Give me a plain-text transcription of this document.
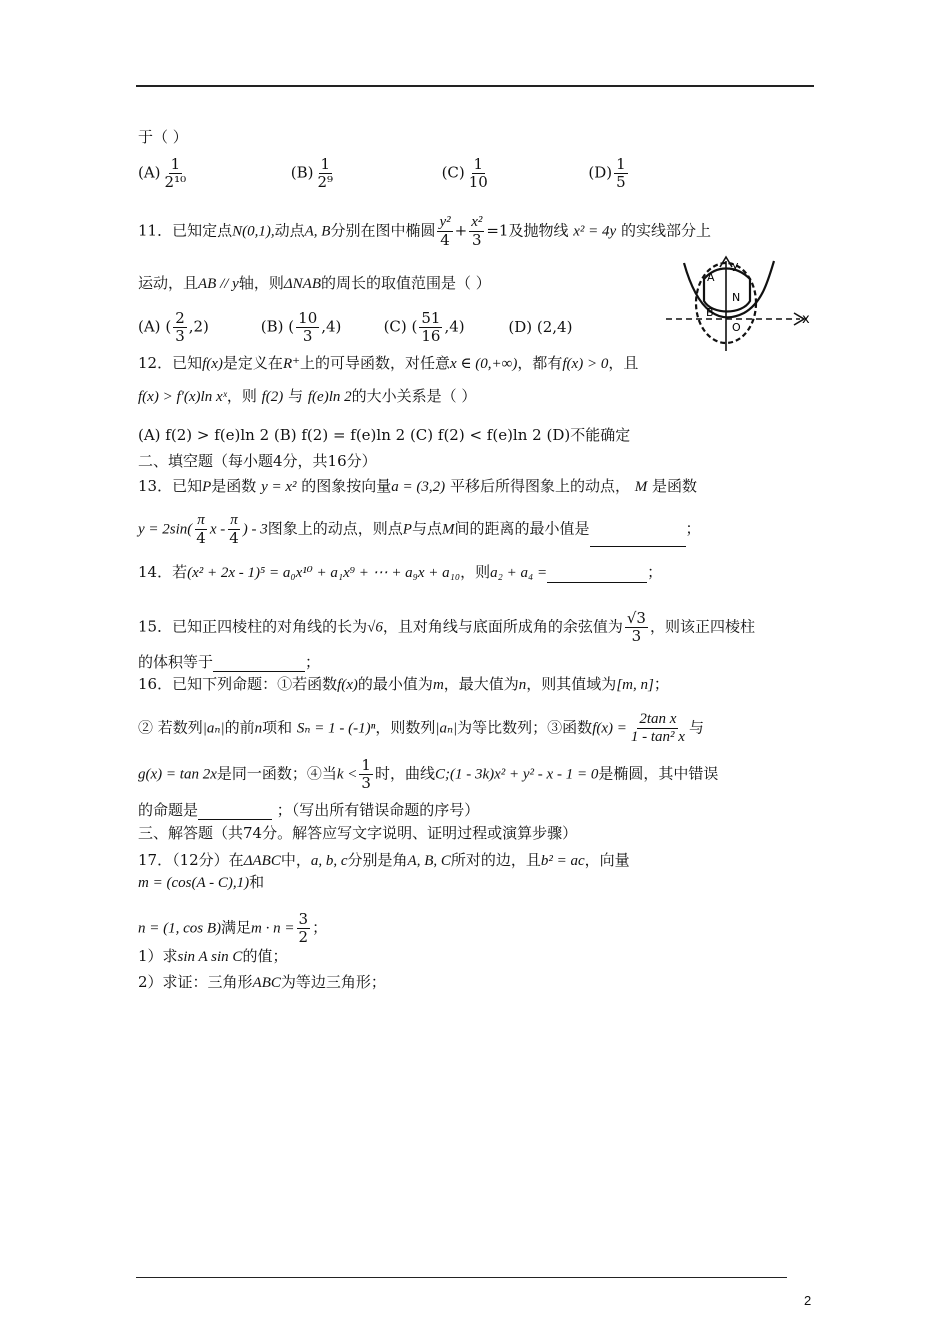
于（ ）
$(A) \frac{1}{\text{2¹⁰}}$	$(B) \frac{1}{\text{2⁹}}$	$(C) \frac{1}{10}$	$(D) \frac{1}{5}$
11．已知定点N(0,1),动点A, B分别在图中椭圆 $\frac{\text{y²}}{4} + \frac{\text{x²}}{3} =1$及抛物线 x² = 4y 的实线部分上
运动，且AB // y轴，则ΔNAB的周长的取值范围是（ ）
(A) ( $\frac{2}{3} ,2$)	(B) ( $\frac{10}{3} ,4$)	(C) ( $\frac{51}{16} ,4$)	(D) (2,4)
A
y
N
B
O
x
12．已知f(x)是定义在R⁺上的可导函数，对任意x ∈ (0,+∞)，都有f(x) > 0，且
f(x) > f′(x)ln xˣ，则 f(2) 与 f(e)ln 2的大小关系是（ ）
(A) f(2) > f(e)ln 2 (B) f(2) = f(e)ln 2 (C) f(2) < f(e)ln 2 (D)不能确定
二、填空题（每小题4分，共16分）
13．已知P是函数 y = x² 的图象按向量a = (3,2) 平移后所得图象上的动点， M 是函数
$y = 2\sin( \frac{\pi}{4}$ x - $\frac{\pi}{4}$ ) - 3图象上的动点，则点P与点M间的距离的最小值是	；
14．若(x² + 2x - 1)⁵ = a₀x¹⁰ + a₁x⁹ + ⋯ + a₉x + a₁₀，则a₂ + a₄ =	；
15．已知正四棱柱的对角线的长为√6，且对角线与底面所成角的余弦值为 $\frac{√3}{3}$ ，则该正四棱柱
的体积等于	；
16．已知下列命题：①若函数f(x)的最小值为m，最大值为n，则其值域为[m, n]；
② 若数列|aₙ|的前n项和 Sₙ = 1 - (-1)ⁿ，则数列|aₙ|为等比数列；③函数$f(x) = \frac{\text{2tan x}}{\text{1 - tan² x}}$ 与
g(x) = tan 2x是同一函数；④当$k < \frac{1}{3}$ 时，曲线C;(1 - 3k)x² + y² - x - 1 = 0是椭圆，其中错误
的命题是	；（写出所有错误命题的序号）
三、解答题（共74分。解答应写文字说明、证明过程或演算步骤）
17．（12分）在ΔABC中，a, b, c分别是角A, B, C所对的边，且b² = ac，向量
m = (cos(A - C),1)和
n = (1, cos B)满足$m \cdot n = \frac{3}{2}$ ；
1）求sin A sin C的值；
2）求证：三角形ABC为等边三角形；
2
